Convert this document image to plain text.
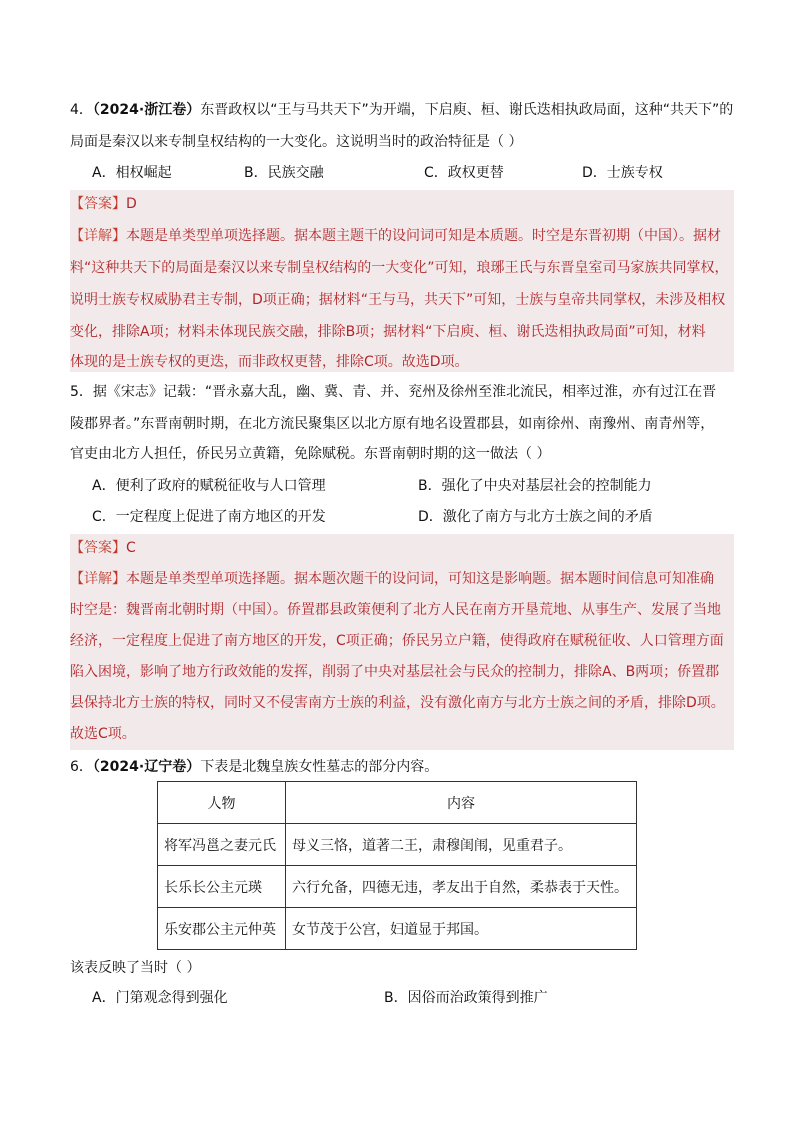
4．（2024·浙江卷）东晋政权以“王与马共天下”为开端，下启庾、桓、谢氏迭相执政局面，这种“共天下”的
局面是秦汉以来专制皇权结构的一大变化。这说明当时的政治特征是（ ）
A．相权崛起	B．民族交融	C．政权更替	D．士族专权
【答案】D
【详解】本题是单类型单项选择题。据本题主题干的设问词可知是本质题。时空是东晋初期（中国）。据材
料“这种共天下的局面是秦汉以来专制皇权结构的一大变化”可知，琅琊王氏与东晋皇室司马家族共同掌权，
说明士族专权威胁君主专制，D项正确；据材料“王与马，共天下”可知，士族与皇帝共同掌权，未涉及相权
变化，排除A项；材料未体现民族交融，排除B项；据材料“下启庾、桓、谢氏迭相执政局面”可知，材料
体现的是士族专权的更迭，而非政权更替，排除C项。故选D项。
5．据《宋志》记载：“晋永嘉大乱，幽、冀、青、并、兖州及徐州至淮北流民，相率过淮，亦有过江在晋
陵郡界者。”东晋南朝时期，在北方流民聚集区以北方原有地名设置郡县，如南徐州、南豫州、南青州等，
官吏由北方人担任，侨民另立黄籍，免除赋税。东晋南朝时期的这一做法（ ）
A．便利了政府的赋税征收与人口管理	B．强化了中央对基层社会的控制能力
C．一定程度上促进了南方地区的开发	D．激化了南方与北方士族之间的矛盾
【答案】C
【详解】本题是单类型单项选择题。据本题次题干的设问词，可知这是影响题。据本题时间信息可知准确
时空是：魏晋南北朝时期（中国）。侨置郡县政策便利了北方人民在南方开垦荒地、从事生产、发展了当地
经济，一定程度上促进了南方地区的开发，C项正确；侨民另立户籍，使得政府在赋税征收、人口管理方面
陷入困境，影响了地方行政效能的发挥，削弱了中央对基层社会与民众的控制力，排除A、B两项；侨置郡
县保持北方士族的特权，同时又不侵害南方士族的利益，没有激化南方与北方士族之间的矛盾，排除D项。
故选C项。
6．（2024·辽宁卷）下表是北魏皇族女性墓志的部分内容。
人物	内容
将军冯邕之妻元氏	母义三恪，道著二王，肃穆闺闱，见重君子。
长乐长公主元瑛	六行允备，四德无违，孝友出于自然，柔恭表于天性。
乐安郡公主元仲英	女节茂于公宫，妇道显于邦国。
该表反映了当时（ ）
A．门第观念得到强化	B．因俗而治政策得到推广
